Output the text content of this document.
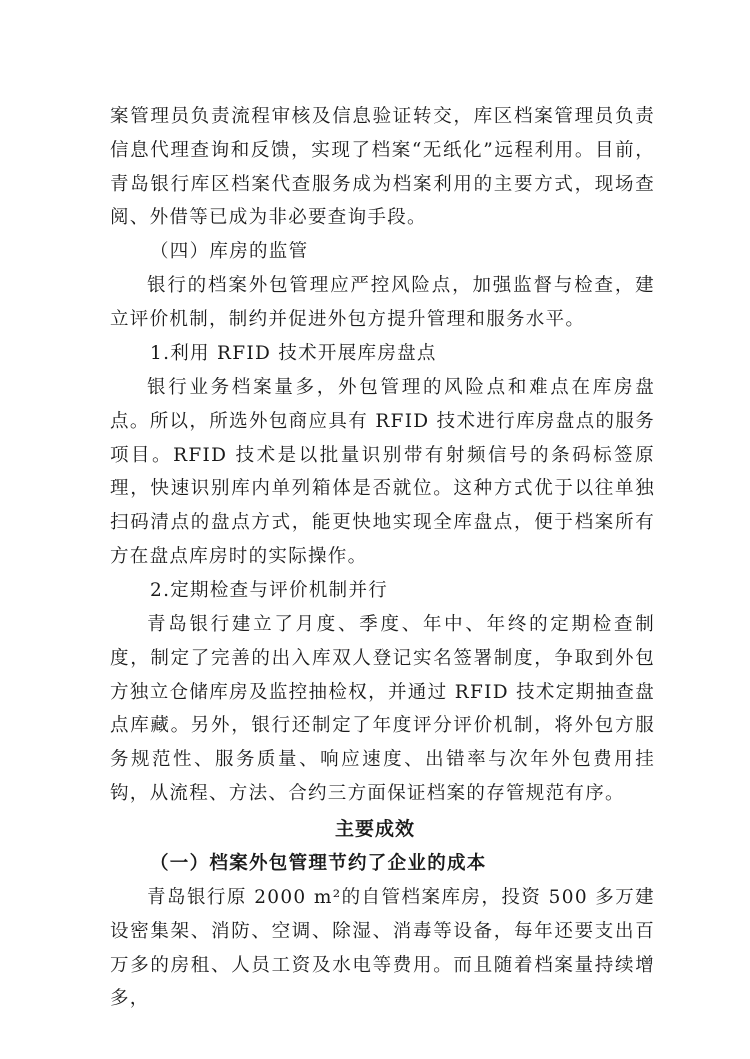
案管理员负责流程审核及信息验证转交，库区档案管理员负责信息代理查询和反馈，实现了档案“无纸化”远程利用。目前，青岛银行库区档案代查服务成为档案利用的主要方式，现场查阅、外借等已成为非必要查询手段。

（四）库房的监管

银行的档案外包管理应严控风险点，加强监督与检查，建立评价机制，制约并促进外包方提升管理和服务水平。

1.利用 RFID 技术开展库房盘点

银行业务档案量多，外包管理的风险点和难点在库房盘点。所以，所选外包商应具有 RFID 技术进行库房盘点的服务项目。RFID 技术是以批量识别带有射频信号的条码标签原理，快速识别库内单列箱体是否就位。这种方式优于以往单独扫码清点的盘点方式，能更快地实现全库盘点，便于档案所有方在盘点库房时的实际操作。

2.定期检查与评价机制并行

青岛银行建立了月度、季度、年中、年终的定期检查制度，制定了完善的出入库双人登记实名签署制度，争取到外包方独立仓储库房及监控抽检权，并通过 RFID 技术定期抽查盘点库藏。另外，银行还制定了年度评分评价机制，将外包方服务规范性、服务质量、响应速度、出错率与次年外包费用挂钩，从流程、方法、合约三方面保证档案的存管规范有序。

主要成效

（一）档案外包管理节约了企业的成本

青岛银行原 2000 m²的自管档案库房，投资 500 多万建设密集架、消防、空调、除湿、消毒等设备，每年还要支出百万多的房租、人员工资及水电等费用。而且随着档案量持续增多，
